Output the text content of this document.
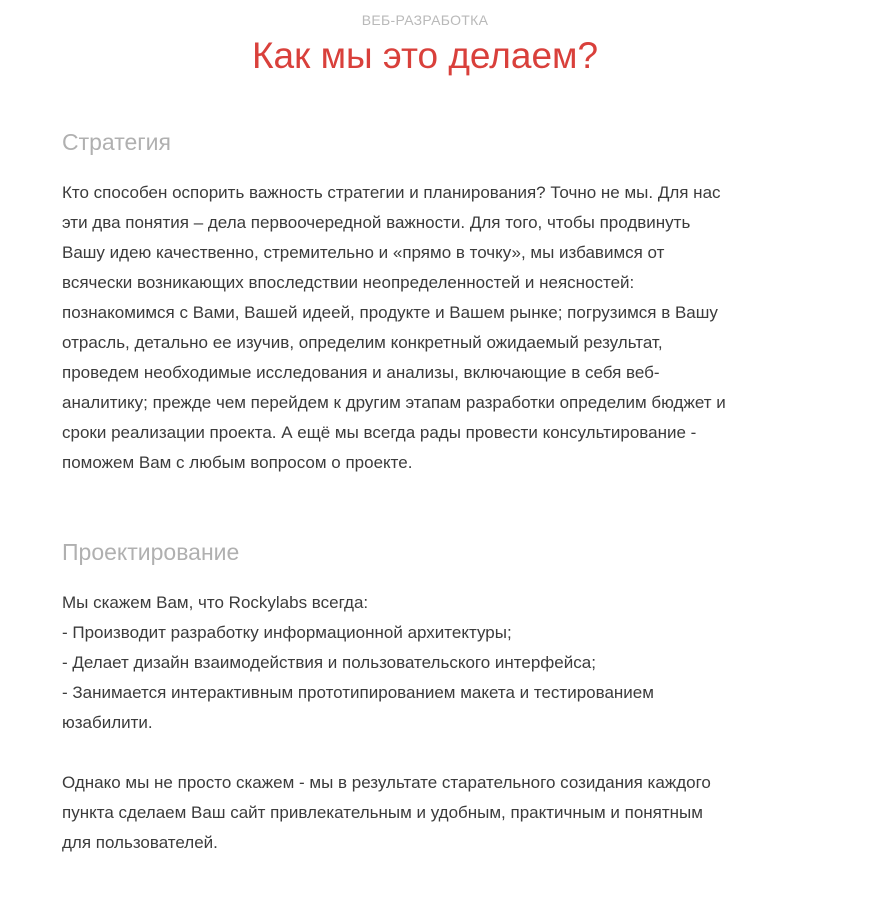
ВЕБ-РАЗРАБОТКА
Как мы это делаем?
Стратегия

Кто способен оспорить важность стратегии и планирования? Точно не мы. Для нас
эти два понятия – дела первоочередной важности. Для того, чтобы продвинуть
Вашу идею качественно, стремительно и «прямо в точку», мы избавимся от
всячески возникающих впоследствии неопределенностей и неясностей:
познакомимся с Вами, Вашей идеей, продукте и Вашем рынке; погрузимся в Вашу
отрасль, детально ее изучив, определим конкретный ожидаемый результат,
проведем необходимые исследования и анализы, включающие в себя веб-
аналитику; прежде чем перейдем к другим этапам разработки определим бюджет и
сроки реализации проекта. А ещё мы всегда рады провести консультирование -
поможем Вам с любым вопросом о проекте.

Проектирование

Мы скажем Вам, что Rockylabs всегда:
- Производит разработку информационной архитектуры;
- Делает дизайн взаимодействия и пользовательского интерфейса;
- Занимается интерактивным прототипированием макета и тестированием
юзабилити.

Однако мы не просто скажем - мы в результате старательного созидания каждого
пункта сделаем Ваш сайт привлекательным и удобным, практичным и понятным
для пользователей.
